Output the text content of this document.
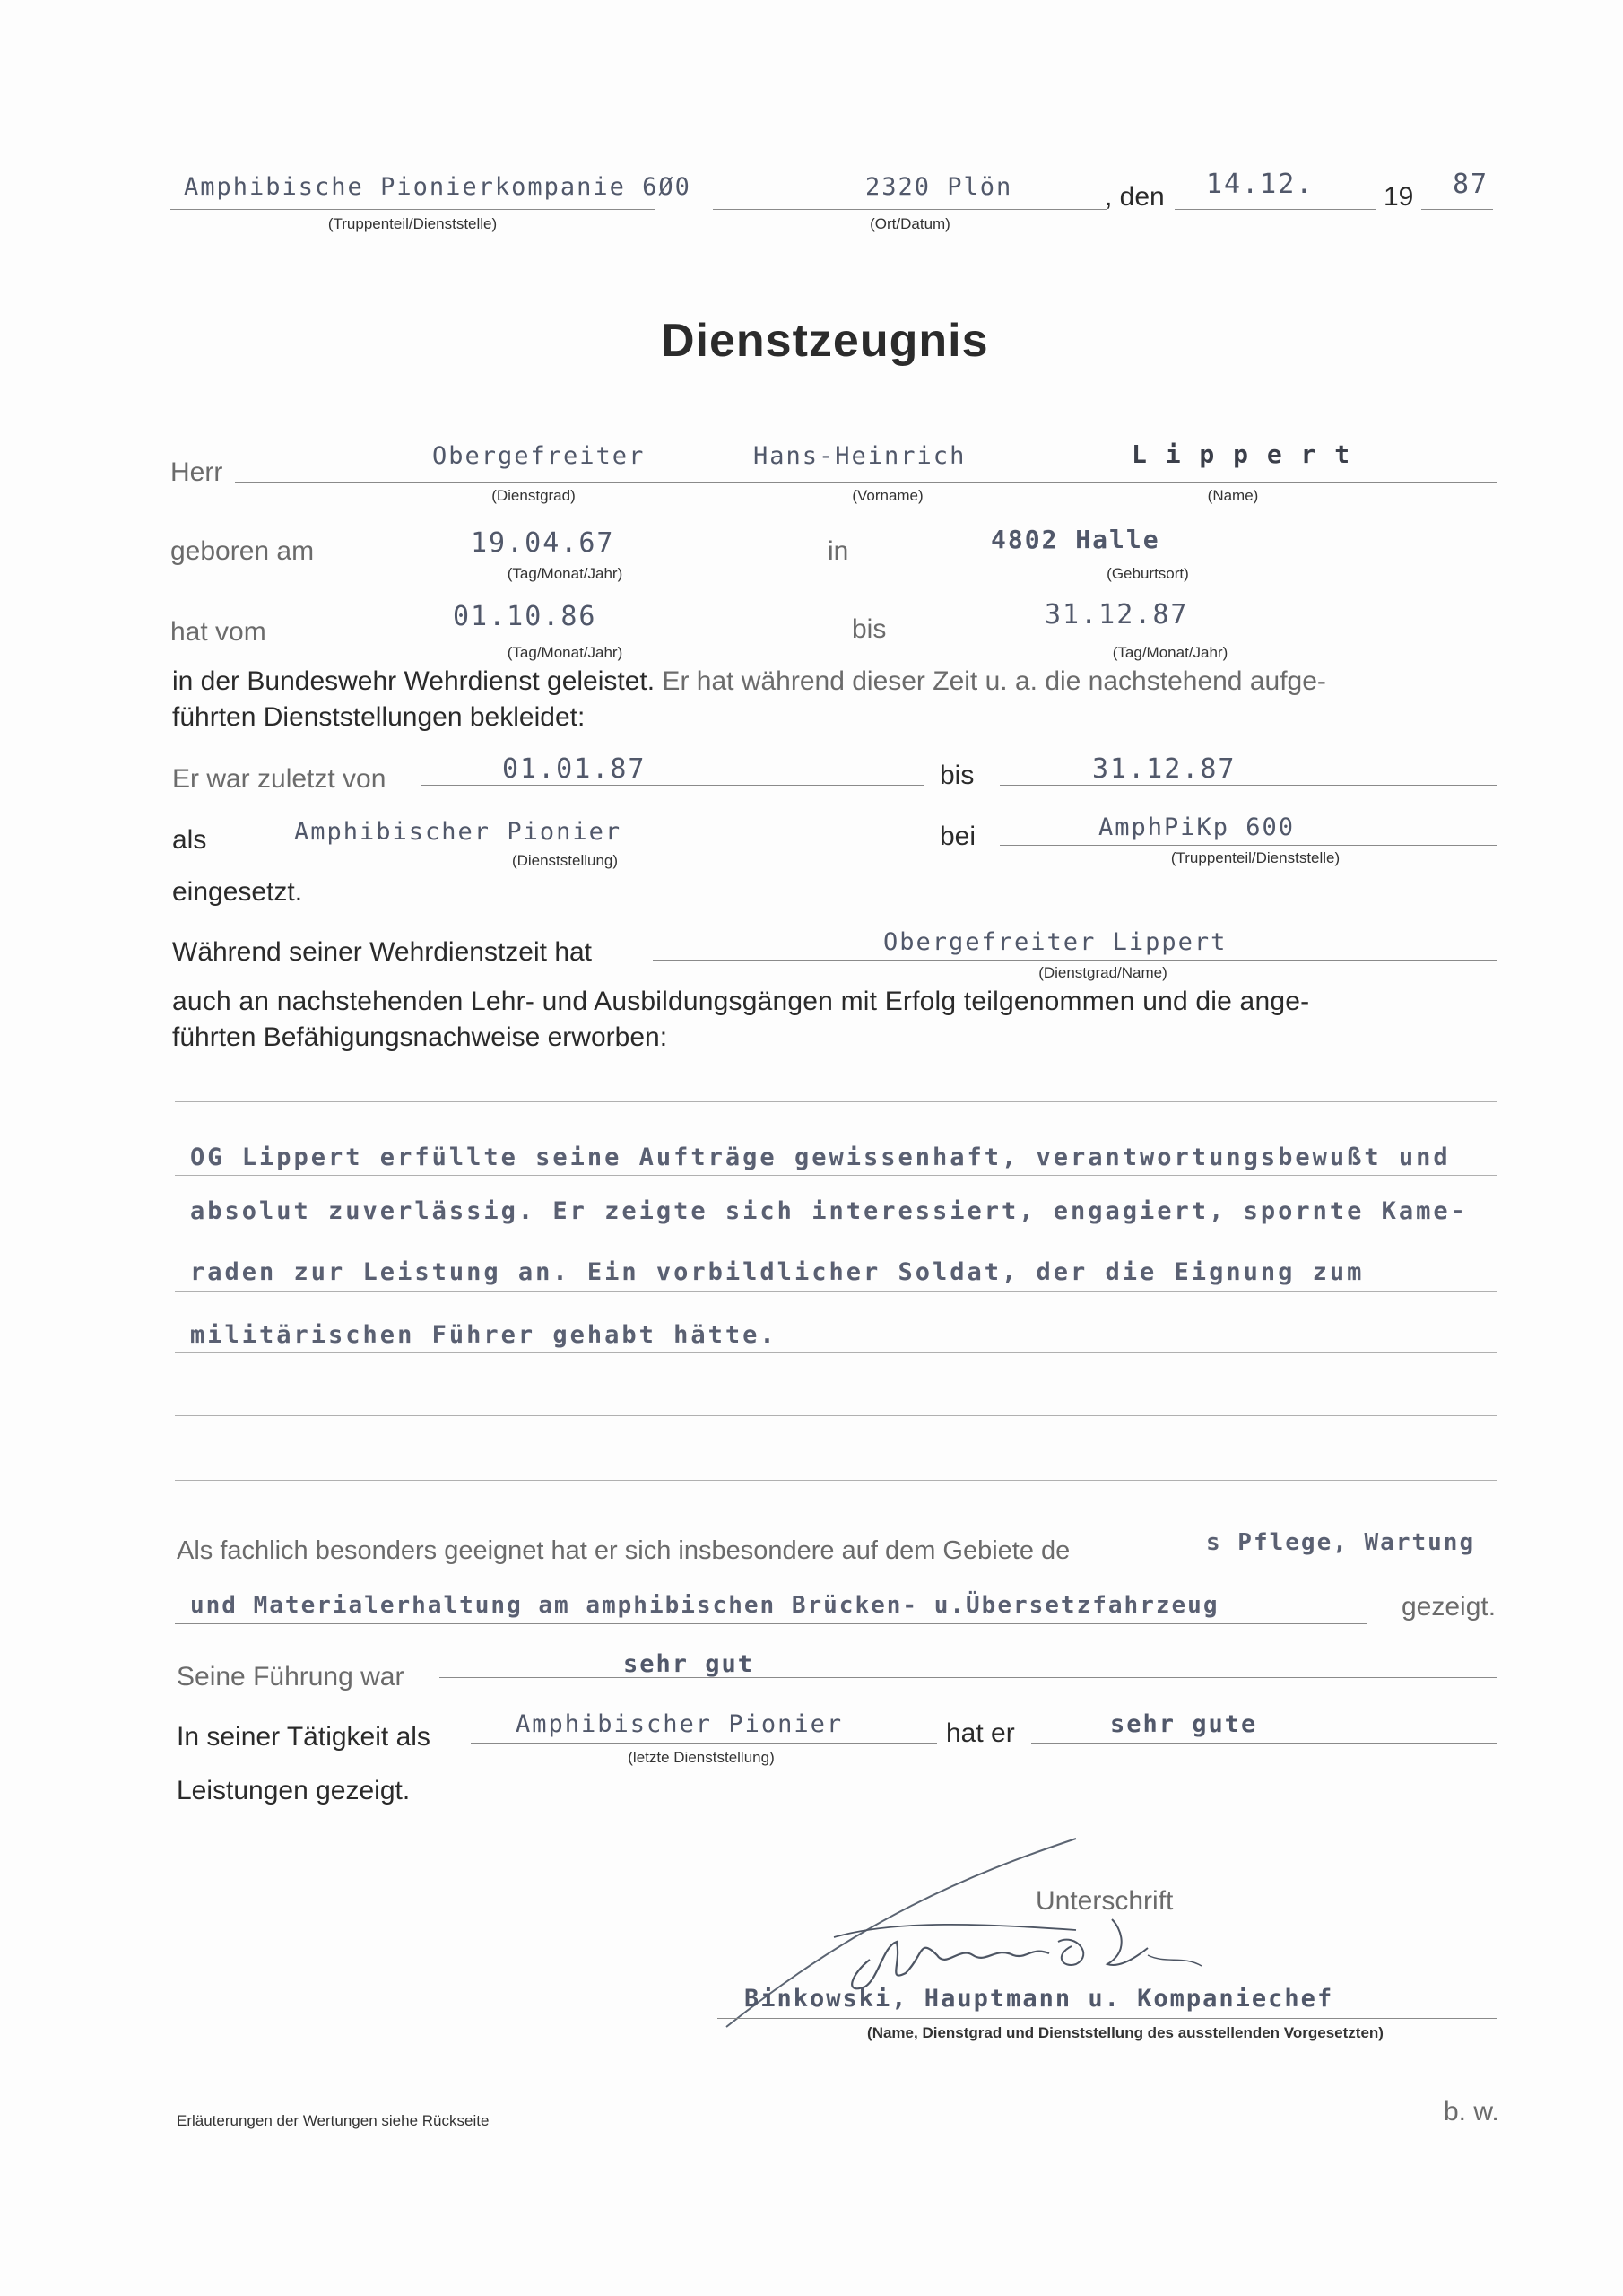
Amphibische Pionierkompanie 6Ø0
(Truppenteil/Dienststelle)
2320 Plön
(Ort/Datum)
, den 14.12.	19 87
Dienstzeugnis
Herr
Obergefreiter
(Dienstgrad)
Hans-Heinrich
(Vorname)
L i p p e r t
(Name)
geboren am	19.04.67
(Tag/Monat/Jahr)
in	4802 Halle
(Geburtsort)
hat vom	01.10.86
(Tag/Monat/Jahr)
bis	31.12.87
(Tag/Monat/Jahr)
in der Bundeswehr Wehrdienst geleistet. Er hat während dieser Zeit u. a. die nachstehend aufge-
führten Dienststellungen bekleidet:
Er war zuletzt von	01.01.87	bis	31.12.87
als	Amphibischer Pionier
(Dienststellung)
bei	AmphPiKp 600
(Truppenteil/Dienststelle)
eingesetzt.
Während seiner Wehrdienstzeit hat	Obergefreiter Lippert
(Dienstgrad/Name)
auch an nachstehenden Lehr- und Ausbildungsgängen mit Erfolg teilgenommen und die ange-
führten Befähigungsnachweise erworben:
OG Lippert erfüllte seine Aufträge gewissenhaft, verantwortungsbewußt und
absolut zuverlässig. Er zeigte sich interessiert, engagiert, spornte Kame-
raden zur Leistung an. Ein vorbildlicher Soldat, der die Eignung zum
militärischen Führer gehabt hätte.
Als fachlich besonders geeignet hat er sich insbesondere auf dem Gebiete de	s Pflege, Wartung
und Materialerhaltung am amphibischen Brücken- u.Übersetzfahrzeug	gezeigt.
Seine Führung war	sehr gut
In seiner Tätigkeit als	Amphibischer Pionier
(letzte Dienststellung)
hat er	sehr gute
Leistungen gezeigt.
Unterschrift
Binkowski, Hauptmann u. Kompaniechef
(Name, Dienstgrad und Dienststellung des ausstellenden Vorgesetzten)
Erläuterungen der Wertungen siehe Rückseite	b. w.
